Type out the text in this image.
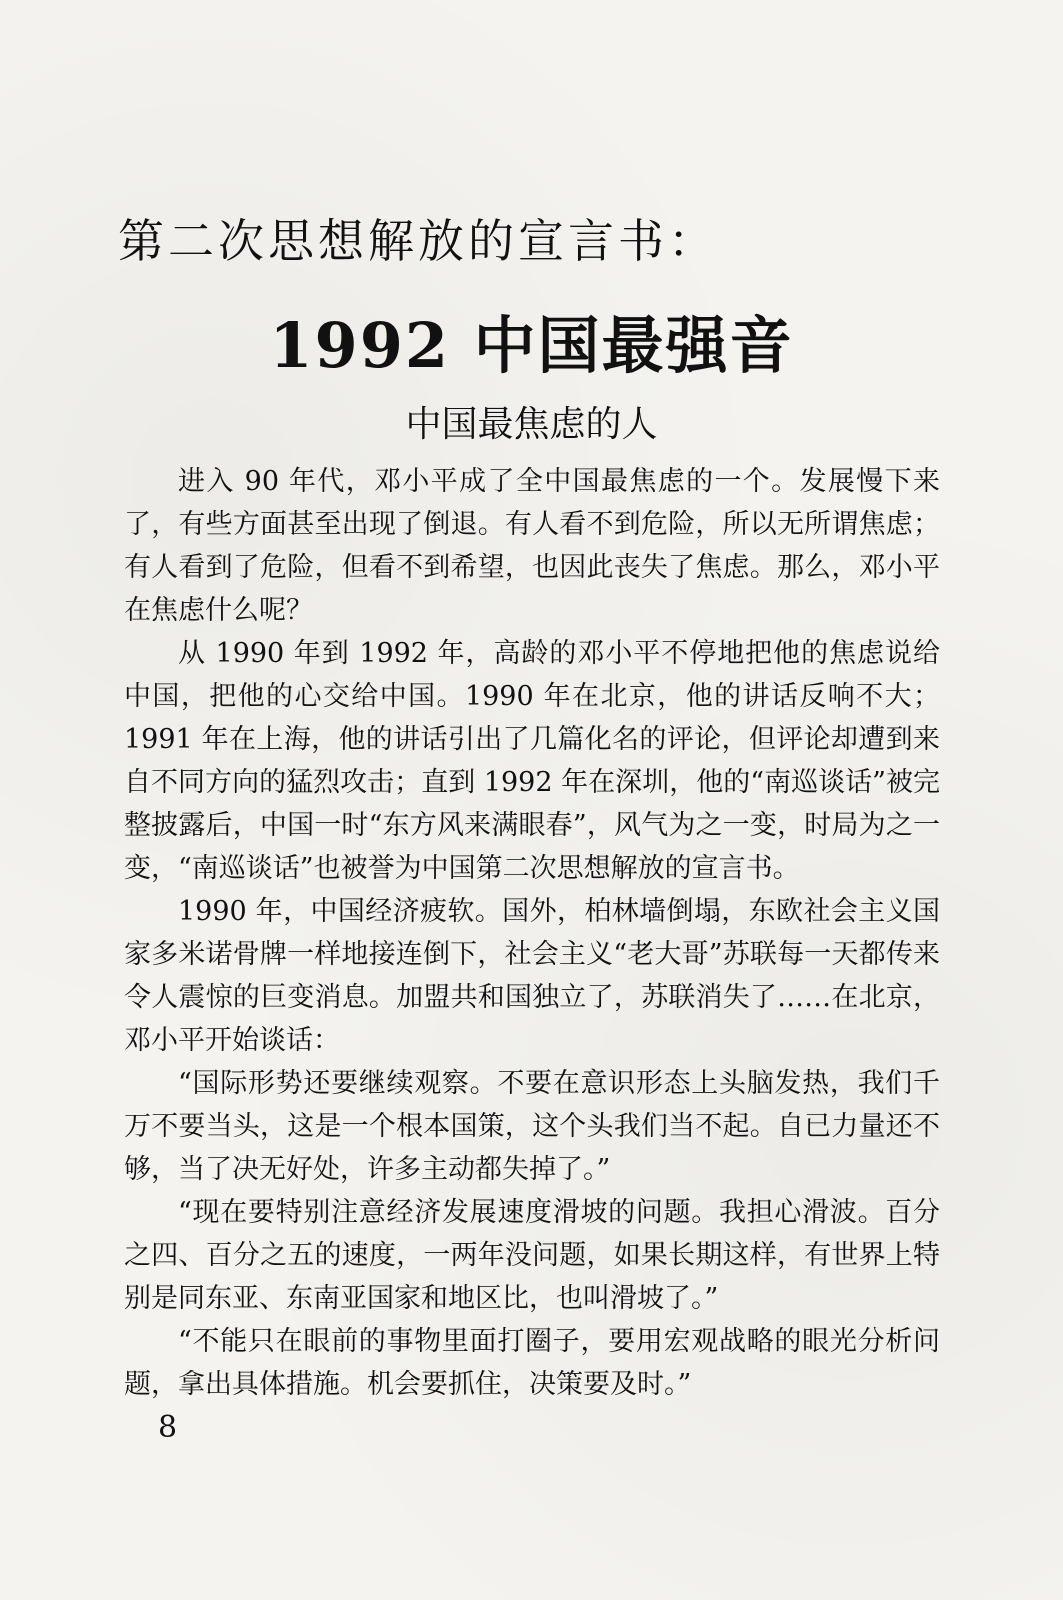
第二次思想解放的宣言书：
1992 中国最强音
中国最焦虑的人

进入 90 年代，邓小平成了全中国最焦虑的一个。发展慢下来了，有些方面甚至出现了倒退。有人看不到危险，所以无所谓焦虑；有人看到了危险，但看不到希望，也因此丧失了焦虑。那么，邓小平在焦虑什么呢？

从 1990 年到 1992 年，高龄的邓小平不停地把他的焦虑说给中国，把他的心交给中国。1990 年在北京，他的讲话反响不大；1991 年在上海，他的讲话引出了几篇化名的评论，但评论却遭到来自不同方向的猛烈攻击；直到 1992 年在深圳，他的“南巡谈话”被完整披露后，中国一时“东方风来满眼春”，风气为之一变，时局为之一变，“南巡谈话”也被誉为中国第二次思想解放的宣言书。

1990 年，中国经济疲软。国外，柏林墙倒塌，东欧社会主义国家多米诺骨牌一样地接连倒下，社会主义“老大哥”苏联每一天都传来令人震惊的巨变消息。加盟共和国独立了，苏联消失了……在北京，邓小平开始谈话：

“国际形势还要继续观察。不要在意识形态上头脑发热，我们千万不要当头，这是一个根本国策，这个头我们当不起。自已力量还不够，当了决无好处，许多主动都失掉了。”

“现在要特别注意经济发展速度滑坡的问题。我担心滑波。百分之四、百分之五的速度，一两年没问题，如果长期这样，有世界上特别是同东亚、东南亚国家和地区比，也叫滑坡了。”

“不能只在眼前的事物里面打圈子，要用宏观战略的眼光分析问题，拿出具体措施。机会要抓住，决策要及时。”

8
